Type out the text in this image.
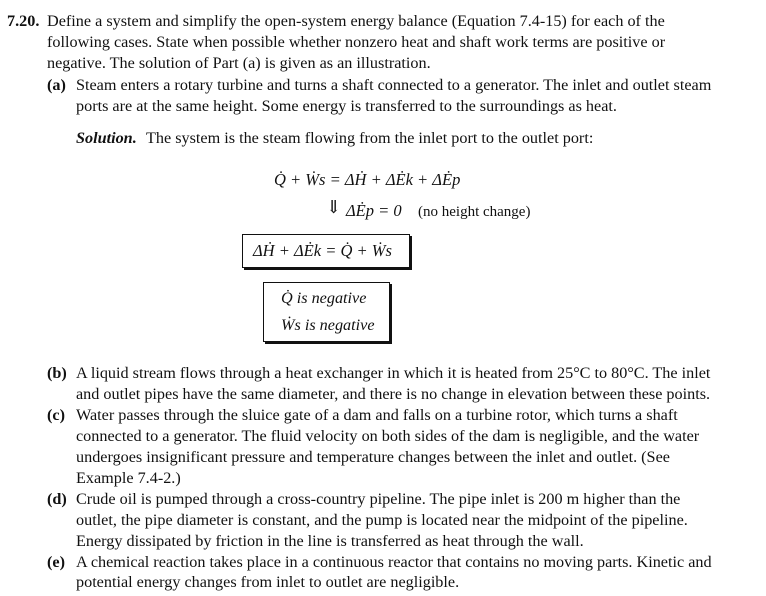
7.20. Define a system and simplify the open-system energy balance (Equation 7.4-15) for each of the
following cases. State when possible whether nonzero heat and shaft work terms are positive or
negative. The solution of Part (a) is given as an illustration.
(a) Steam enters a rotary turbine and turns a shaft connected to a generator. The inlet and outlet steam
ports are at the same height. Some energy is transferred to the surroundings as heat.
Solution. The system is the steam flowing from the inlet port to the outlet port:
Q̇ + Ẇs = ΔḢ + ΔĖk + ΔĖp
⇓ ΔĖp = 0 (no height change)
ΔḢ + ΔĖk = Q̇ + Ẇs
Q̇ is negative
Ẇs is negative
(b) A liquid stream flows through a heat exchanger in which it is heated from 25°C to 80°C. The inlet
and outlet pipes have the same diameter, and there is no change in elevation between these points.
(c) Water passes through the sluice gate of a dam and falls on a turbine rotor, which turns a shaft
connected to a generator. The fluid velocity on both sides of the dam is negligible, and the water
undergoes insignificant pressure and temperature changes between the inlet and outlet. (See
Example 7.4-2.)
(d) Crude oil is pumped through a cross-country pipeline. The pipe inlet is 200 m higher than the
outlet, the pipe diameter is constant, and the pump is located near the midpoint of the pipeline.
Energy dissipated by friction in the line is transferred as heat through the wall.
(e) A chemical reaction takes place in a continuous reactor that contains no moving parts. Kinetic and
potential energy changes from inlet to outlet are negligible.
